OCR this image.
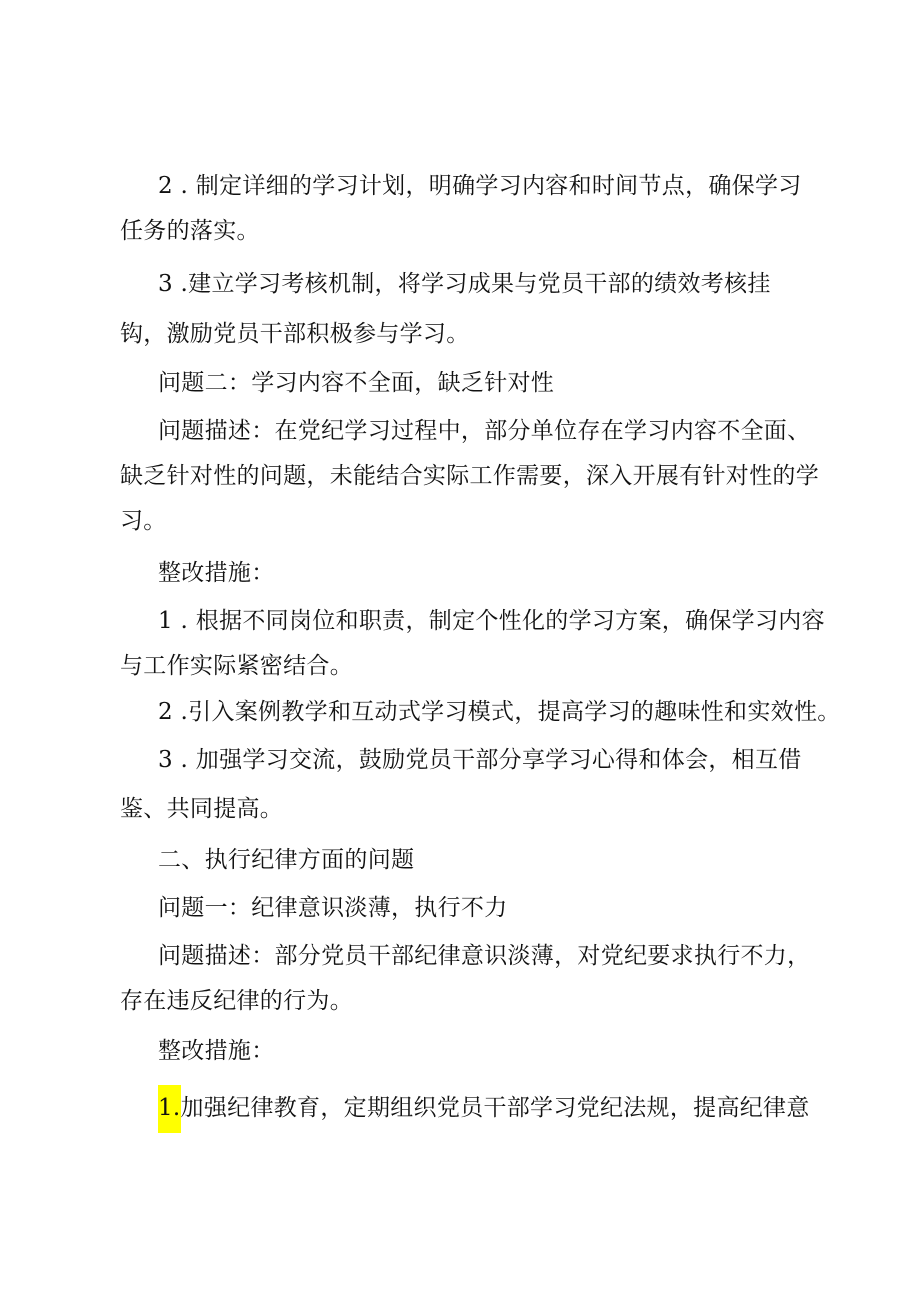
2 . 制定详细的学习计划，明确学习内容和时间节点，确保学习
任务的落实。
3 .建立学习考核机制，将学习成果与党员干部的绩效考核挂
钩，激励党员干部积极参与学习。
问题二：学习内容不全面，缺乏针对性
问题描述：在党纪学习过程中，部分单位存在学习内容不全面、
缺乏针对性的问题，未能结合实际工作需要，深入开展有针对性的学
习。
整改措施：
1 . 根据不同岗位和职责，制定个性化的学习方案，确保学习内容
与工作实际紧密结合。
2 .引入案例教学和互动式学习模式，提高学习的趣味性和实效性。
3 . 加强学习交流，鼓励党员干部分享学习心得和体会，相互借
鉴、共同提高。
二、执行纪律方面的问题
问题一：纪律意识淡薄，执行不力
问题描述：部分党员干部纪律意识淡薄，对党纪要求执行不力，
存在违反纪律的行为。
整改措施：
1.加强纪律教育，定期组织党员干部学习党纪法规，提高纪律意
